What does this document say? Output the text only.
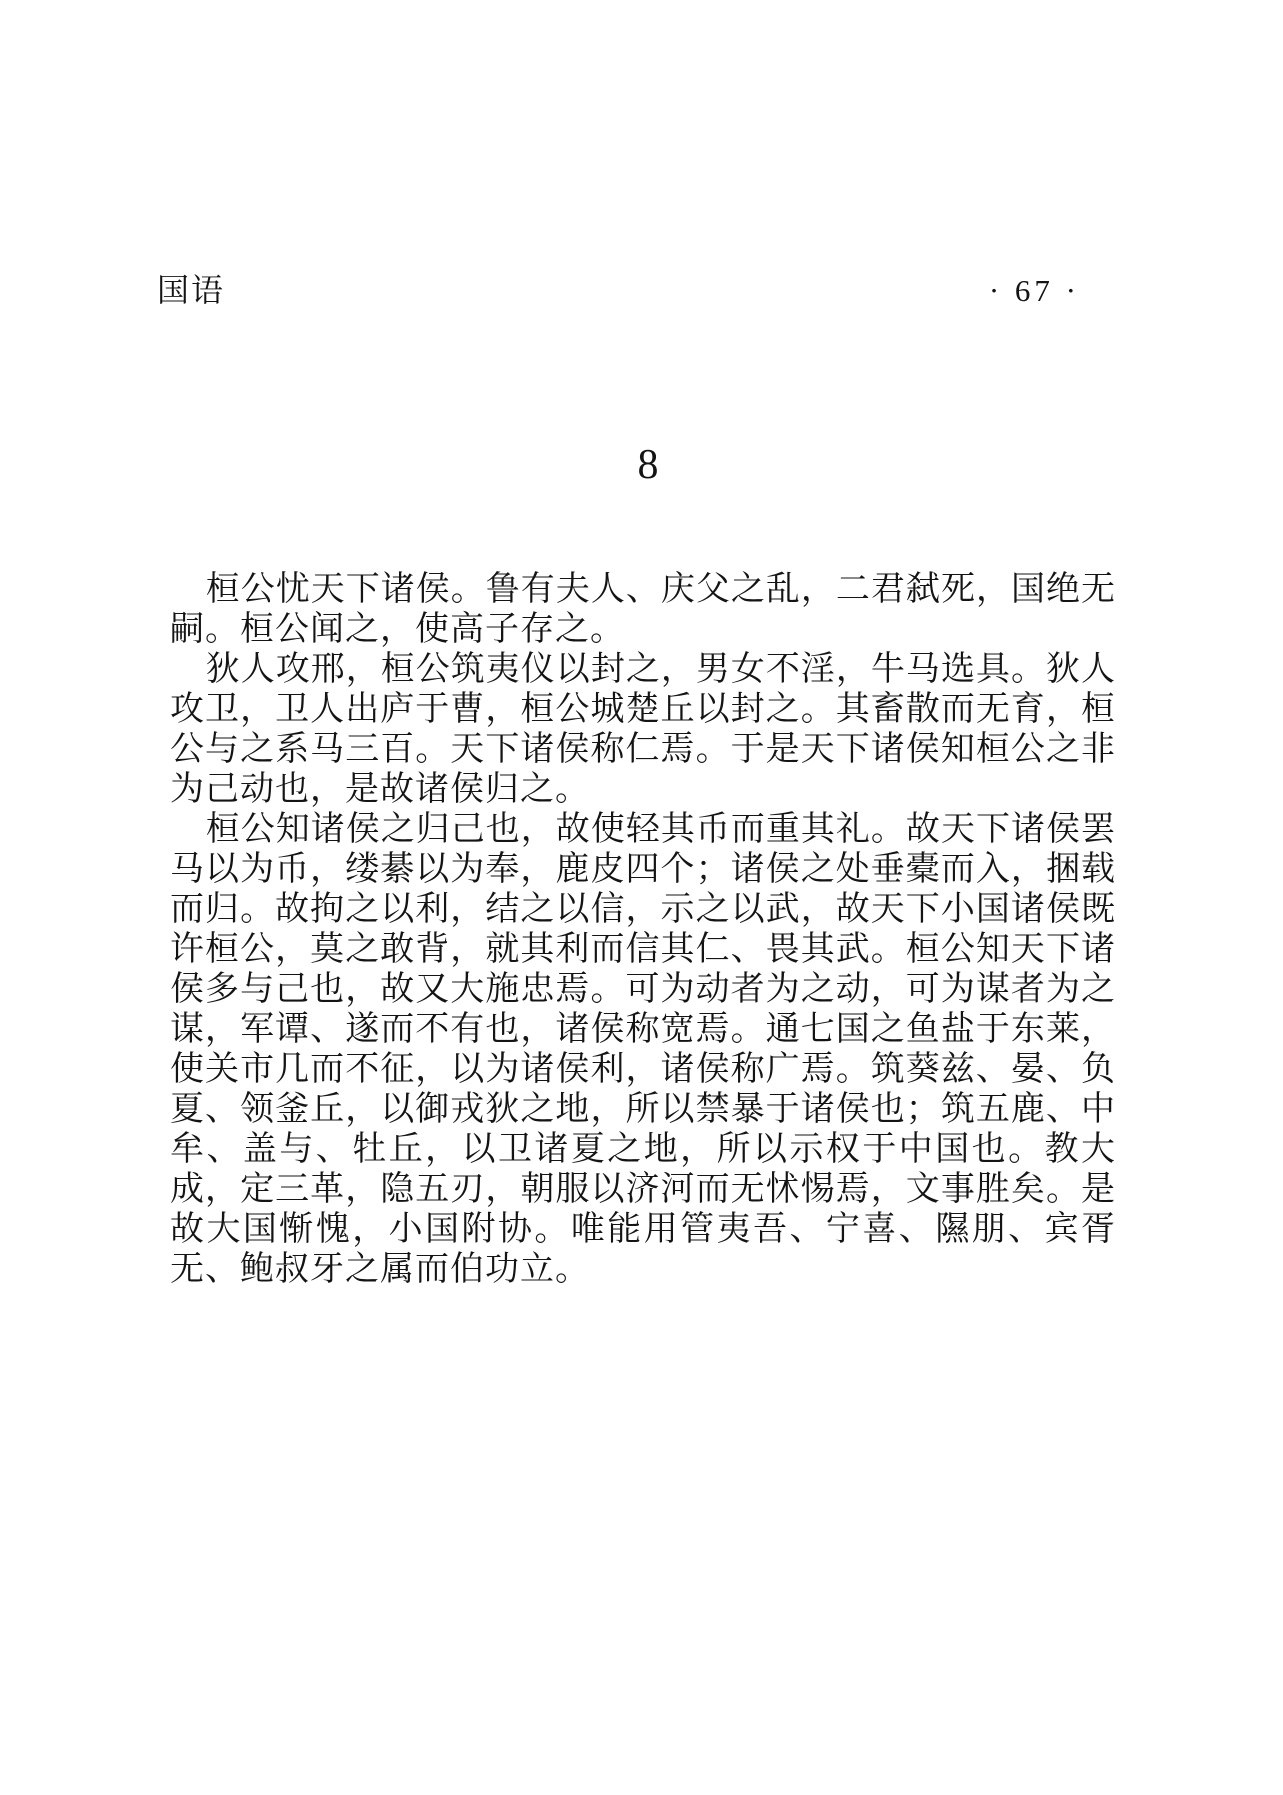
国语	· 67 ·
8

桓公忧天下诸侯。鲁有夫人、庆父之乱，二君弑死，国绝无嗣。桓公闻之，使高子存之。

狄人攻邢，桓公筑夷仪以封之，男女不淫，牛马选具。狄人攻卫，卫人出庐于曹，桓公城楚丘以封之。其畜散而无育，桓公与之系马三百。天下诸侯称仁焉。于是天下诸侯知桓公之非为己动也，是故诸侯归之。

桓公知诸侯之归己也，故使轻其币而重其礼。故天下诸侯罢马以为币，缕綦以为奉，鹿皮四个；诸侯之处垂橐而入，捆载而归。故拘之以利，结之以信，示之以武，故天下小国诸侯既许桓公，莫之敢背，就其利而信其仁、畏其武。桓公知天下诸侯多与己也，故又大施忠焉。可为动者为之动，可为谋者为之谋，军谭、遂而不有也，诸侯称宽焉。通七国之鱼盐于东莱，使关市几而不征，以为诸侯利，诸侯称广焉。筑葵兹、晏、负夏、领釜丘，以御戎狄之地，所以禁暴于诸侯也；筑五鹿、中牟、盖与、牡丘，以卫诸夏之地，所以示权于中国也。教大成，定三革，隐五刃，朝服以济河而无怵惕焉，文事胜矣。是故大国惭愧，小国附协。唯能用管夷吾、宁喜、隰朋、宾胥无、鲍叔牙之属而伯功立。
